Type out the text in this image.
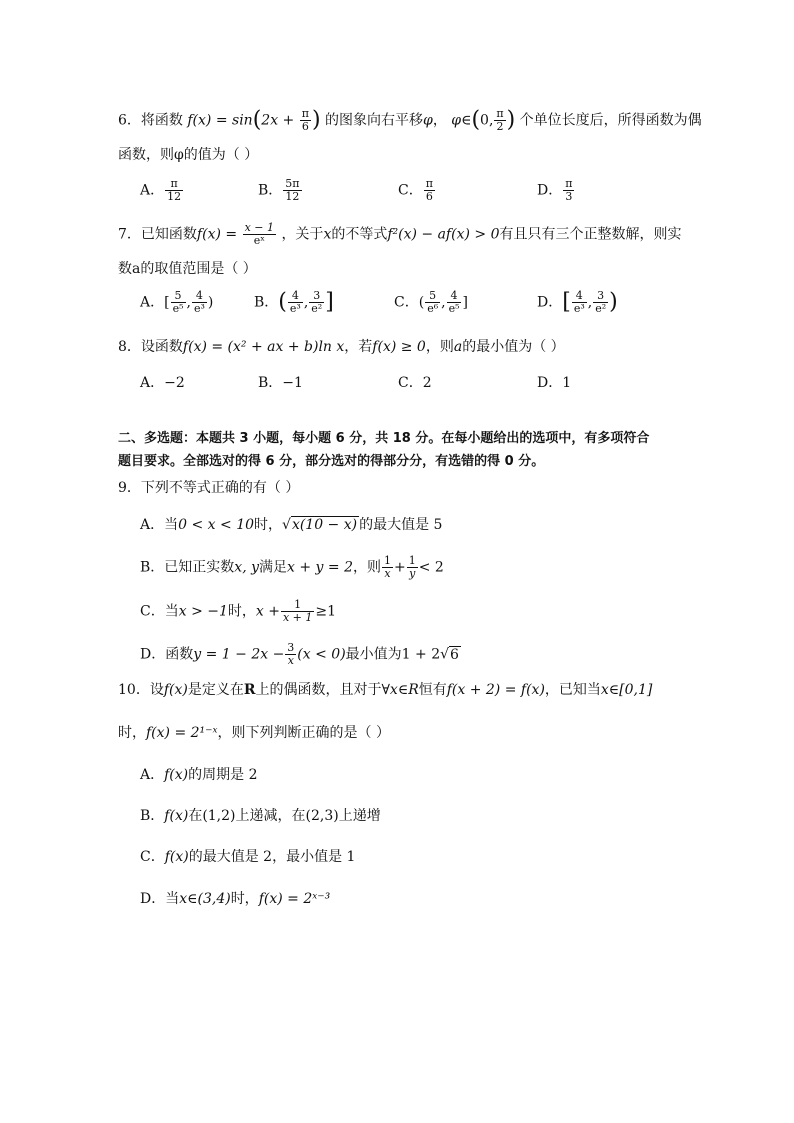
6．将函数 $f(x) = \sin(2x + \frac{\pi}{6}$ ) 的图象向右平移φ， φ∈(0, $\frac{\pi}{2}$ ) 个单位长度后，所得函数为偶
函数，则φ的值为（ ）
A． $\frac{\pi}{12}$	B． $\frac{5\pi}{12}$	C． $\frac{\pi}{6}$	D． $\frac{\pi}{3}$
7．已知函数$f(x) = \frac{x - 1}{\text{eˣ}}$ ，关于x的不等式f²(x) − af(x) > 0有且只有三个正整数解，则实
数a的取值范围是（ ）
A．[ $\frac{5}{\text{e⁵}}$ , $\frac{4}{\text{e³}}$ )	B．( $\frac{4}{\text{e³}}$ , $\frac{3}{\text{e²}}$ ]	C．( $\frac{5}{\text{e⁶}}$ , $\frac{4}{\text{e⁵}}$ ]	D．[ $\frac{4}{\text{e³}}$ , $\frac{3}{\text{e²}}$ )
8．设函数f(x) = (x² + ax + b)ln x，若f(x) ≥ 0，则a的最小值为（ ）
A．−2	B．−1	C．2	D．1
二、多选题：本题共 3 小题，每小题 6 分，共 18 分。在每小题给出的选项中，有多项符合
题目要求。全部选对的得 6 分，部分选对的得部分分，有选错的得 0 分。
9．下列不等式正确的有（ ）
A．当0 < x < 10时，√x(10 − x) 的最大值是 5
B．已知正实数x, y满足x + y = 2，则 $\frac{1}{x} + \frac{1}{y} < 2$
C．当x > −1时，$x + \frac{1}{x + 1} \ge 1$
D．函数$y = 1 - 2x - \frac{3}{x} (x < 0)$最小值为1 + 2√6
10．设f(x)是定义在R上的偶函数，且对于∀x∈R恒有f(x + 2) = f(x)，已知当x∈[0,1]
时，f(x) = 2¹⁻ˣ，则下列判断正确的是（ ）
A．f(x)的周期是 2
B．f(x)在(1,2)上递减，在(2,3)上递增
C．f(x)的最大值是 2，最小值是 1
D．当x∈(3,4)时，f(x) = 2ˣ⁻³
